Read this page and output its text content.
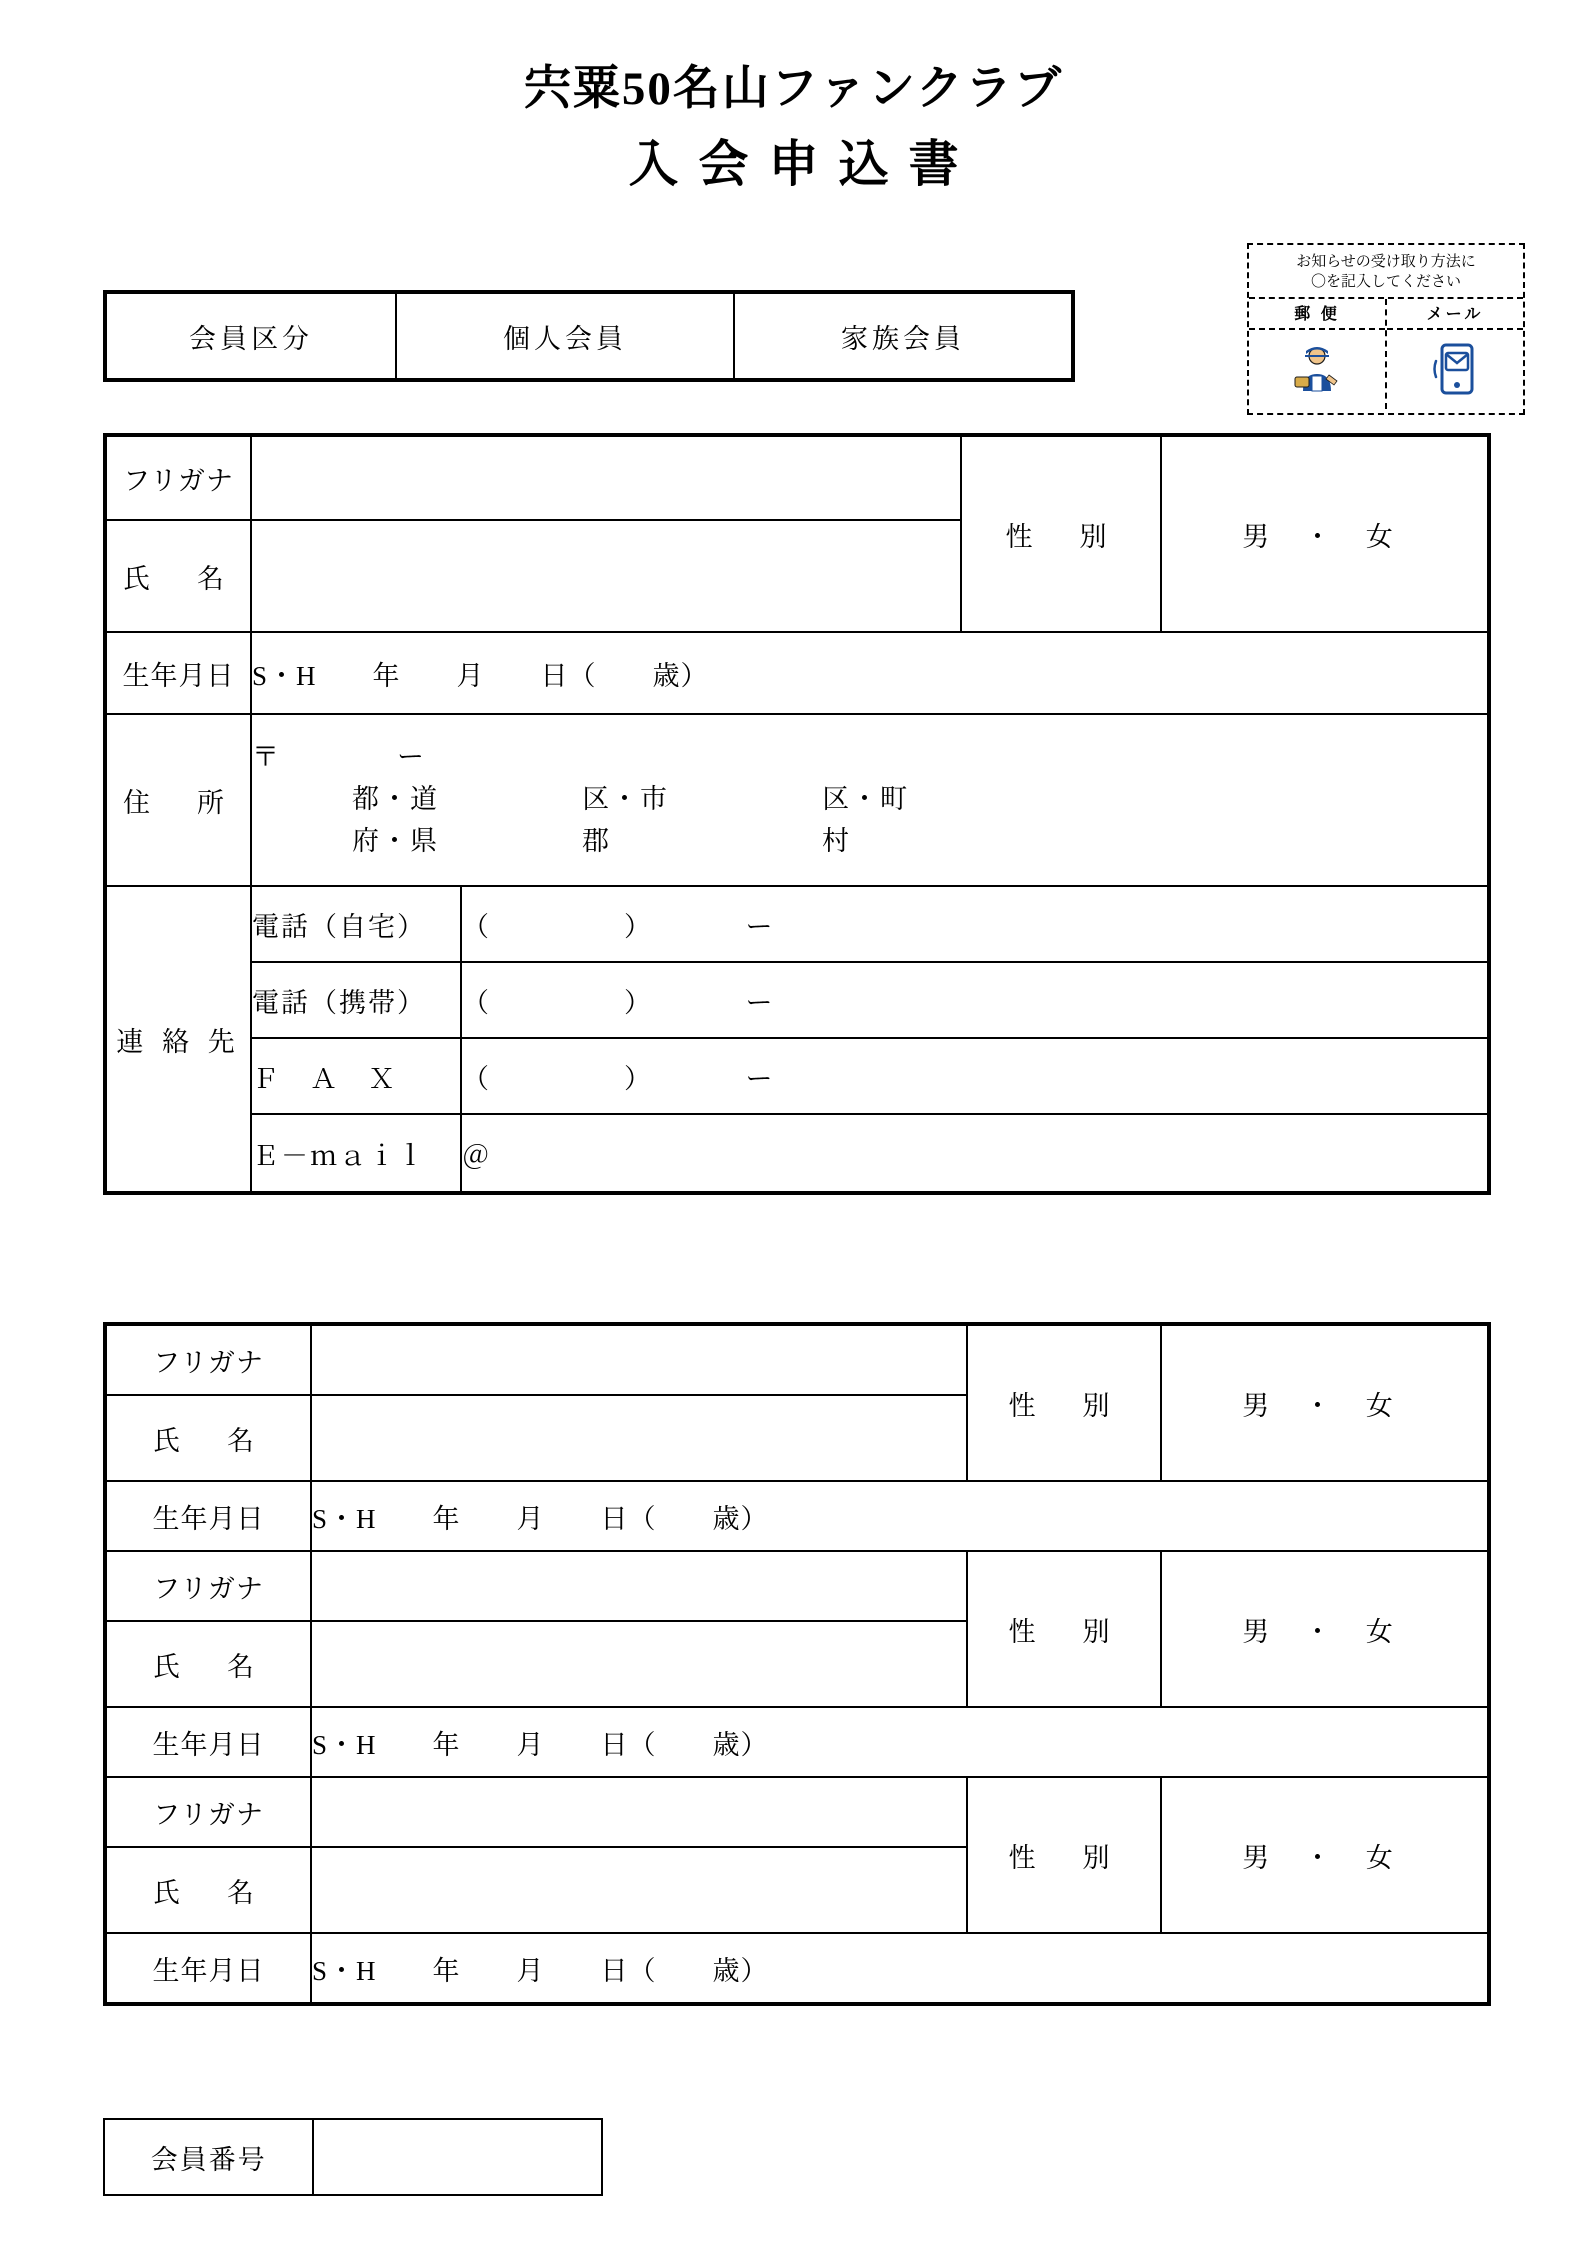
宍粟50名山ファンクラブ
入会申込書
お知らせの受け取り方法に
〇を記入してください
郵 便	メール
会員区分	個人会員	家族会員
フリガナ			性　別	男 ・ 女
氏　名				
生年月日	S・H　　年　　月　　日（　　歳）			
住　所	〒　　　　ー
都・道 区・市 区・町
府・県 郡 村			

連 絡 先	電話（自宅）	（　　　　　）　　　　ー		
	電話（携帯）	（　　　　　）　　　　ー		
	Ｆ　Ａ　Ｘ	（　　　　　）　　　　ー		
	Ｅ－ｍａｉｌ	＠		
フリガナ		性　別	男 ・ 女
氏　名			
生年月日	S・H　　年　　月　　日（　　歳）		
フリガナ		性　別	男 ・ 女
氏　名			
生年月日	S・H　　年　　月　　日（　　歳）		
フリガナ		性　別	男 ・ 女
氏　名			
生年月日	S・H　　年　　月　　日（　　歳）		
会員番号	
